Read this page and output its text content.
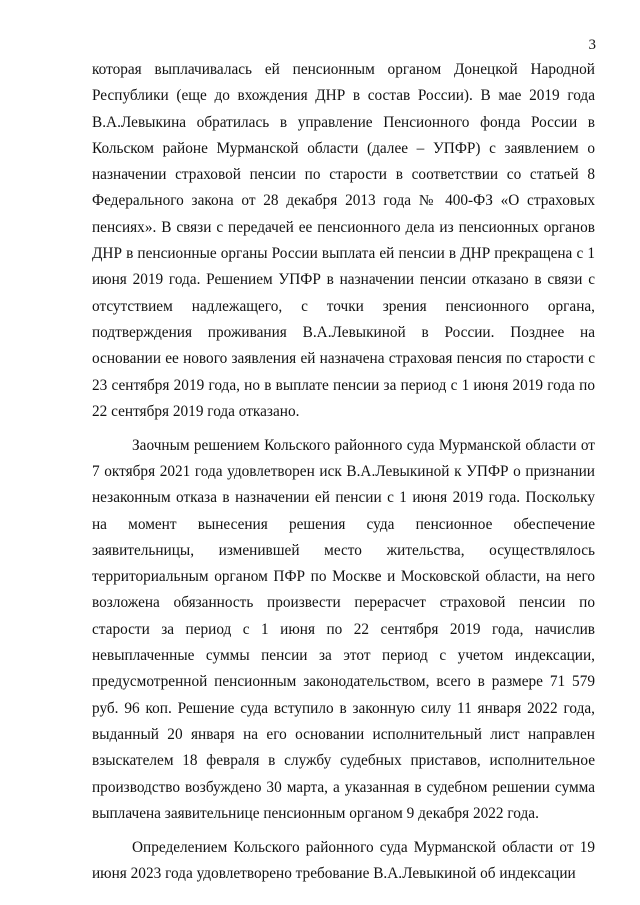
3

которая выплачивалась ей пенсионным органом Донецкой Народной Республики (еще до вхождения ДНР в состав России). В мае 2019 года В.А.Левыкина обратилась в управление Пенсионного фонда России в Кольском районе Мурманской области (далее – УПФР) с заявлением о назначении страховой пенсии по старости в соответствии со статьей 8 Федерального закона от 28 декабря 2013 года № 400-ФЗ «О страховых пенсиях». В связи с передачей ее пенсионного дела из пенсионных органов ДНР в пенсионные органы России выплата ей пенсии в ДНР прекращена с 1 июня 2019 года. Решением УПФР в назначении пенсии отказано в связи с отсутствием надлежащего, с точки зрения пенсионного органа, подтверждения проживания В.А.Левыкиной в России. Позднее на основании ее нового заявления ей назначена страховая пенсия по старости с 23 сентября 2019 года, но в выплате пенсии за период с 1 июня 2019 года по 22 сентября 2019 года отказано.

Заочным решением Кольского районного суда Мурманской области от 7 октября 2021 года удовлетворен иск В.А.Левыкиной к УПФР о признании незаконным отказа в назначении ей пенсии с 1 июня 2019 года. Поскольку на момент вынесения решения суда пенсионное обеспечение заявительницы, изменившей место жительства, осуществлялось территориальным органом ПФР по Москве и Московской области, на него возложена обязанность произвести перерасчет страховой пенсии по старости за период с 1 июня по 22 сентября 2019 года, начислив невыплаченные суммы пенсии за этот период с учетом индексации, предусмотренной пенсионным законодательством, всего в размере 71 579 руб. 96 коп. Решение суда вступило в законную силу 11 января 2022 года, выданный 20 января на его основании исполнительный лист направлен взыскателем 18 февраля в службу судебных приставов, исполнительное производство возбуждено 30 марта, а указанная в судебном решении сумма выплачена заявительнице пенсионным органом 9 декабря 2022 года.

Определением Кольского районного суда Мурманской области от 19 июня 2023 года удовлетворено требование В.А.Левыкиной об индексации
